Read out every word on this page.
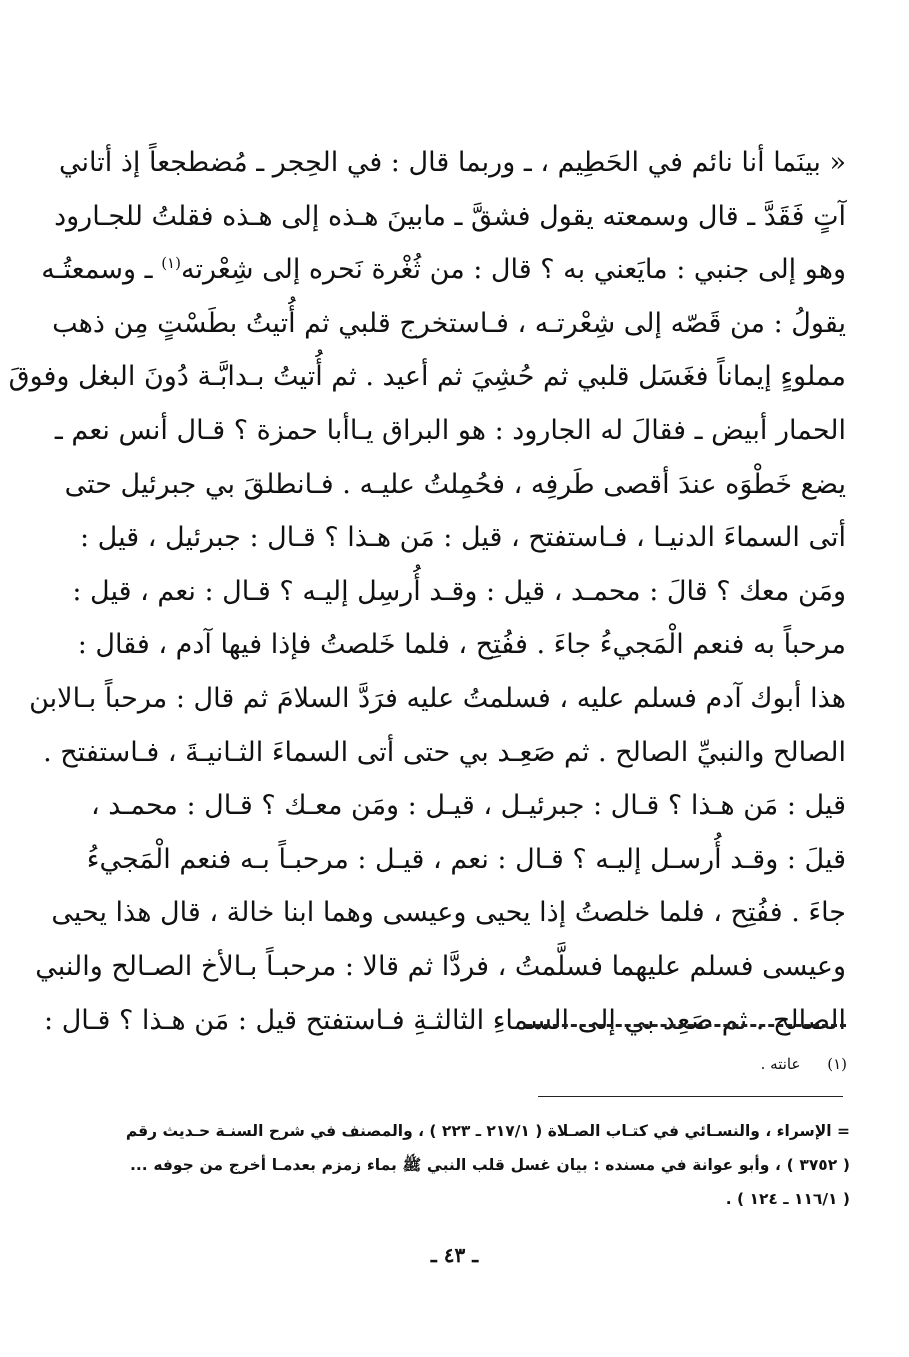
« بينَما أنا نائم في الحَطِيم ، ـ وربما قال : في الحِجر ـ مُضطجعاً إذ أتاني
آتٍ فَقَدَّ ـ قال وسمعته يقول فشقَّ ـ مابينَ هـذه إلى هـذه فقلتُ للجـارود
وهو إلى جنبي : مايَعني به ؟ قال : من ثُغْرة نَحره إلى شِعْرته$^{(١)}$ ـ وسمعتُـه
يقولُ : من قَصّه إلى شِعْرتـه ، فـاستخرج قلبي ثم أُتيتُ بطَسْتٍ مِن ذهب
مملوءٍ إيماناً فغَسَل قلبي ثم حُشِيَ ثم أعيد . ثم أُتيتُ بـدابَّـة دُونَ البغل وفوقَ
الحمار أبيض ـ فقالَ له الجارود : هو البراق يـاأبا حمزة ؟ قـال أنس نعم ـ
يضع خَطْوَه عندَ أقصى طَرفِه ، فحُمِلتُ عليـه . فـانطلقَ بي جبرئيل حتى
أتى السماءَ الدنيـا ، فـاستفتح ، قيل : مَن هـذا ؟ قـال : جبرئيل ، قيل :
ومَن معك ؟ قالَ : محمـد ، قيل : وقـد أُرسِل إليـه ؟ قـال : نعم ، قيل :
مرحباً به فنعم الْمَجيءُ جاءَ . ففُتِح ، فلما خَلصتُ فإذا فيها آدم ، فقال :
هذا أبوك آدم فسلم عليه ، فسلمتُ عليه فرَدَّ السلامَ ثم قال : مرحباً بـالابن
الصالح والنبيِّ الصالح . ثم صَعِـد بي حتى أتى السماءَ الثـانيـةَ ، فـاستفتح .
قيل : مَن هـذا ؟ قـال : جبرئيـل ، قيـل : ومَن معـك ؟ قـال : محمـد ،
قيلَ : وقـد أُرسـل إليـه ؟ قـال : نعم ، قيـل : مرحبـاً بـه فنعم الْمَجيءُ
جاءَ . ففُتِح ، فلما خلصتُ إذا يحيى وعيسى وهما ابنا خالة ، قال هذا يحيى
وعيسى فسلم عليهما فسلَّمتُ ، فردَّا ثم قالا : مرحبـاً بـالأخ الصـالح والنبي
الصالح . ثم صَعِد بي إلى السماءِ الثالثـةِ فـاستفتح قيل : مَن هـذا ؟ قـال :
(١) عانته .
= الإسراء ، والنسـائي في كتـاب الصـلاة ( ٢١٧/١ ـ ٢٢٣ ) ، والمصنف في شرح السنـة حـديث رقم
( ٣٧٥٢ ) ، وأبو عوانة في مسنده : بيان غسل قلب النبي ﷺ بماء زمزم بعدمـا أخرج من جوفه ...
( ١١٦/١ ـ ١٢٤ ) .
ـ ٤٣ ـ
